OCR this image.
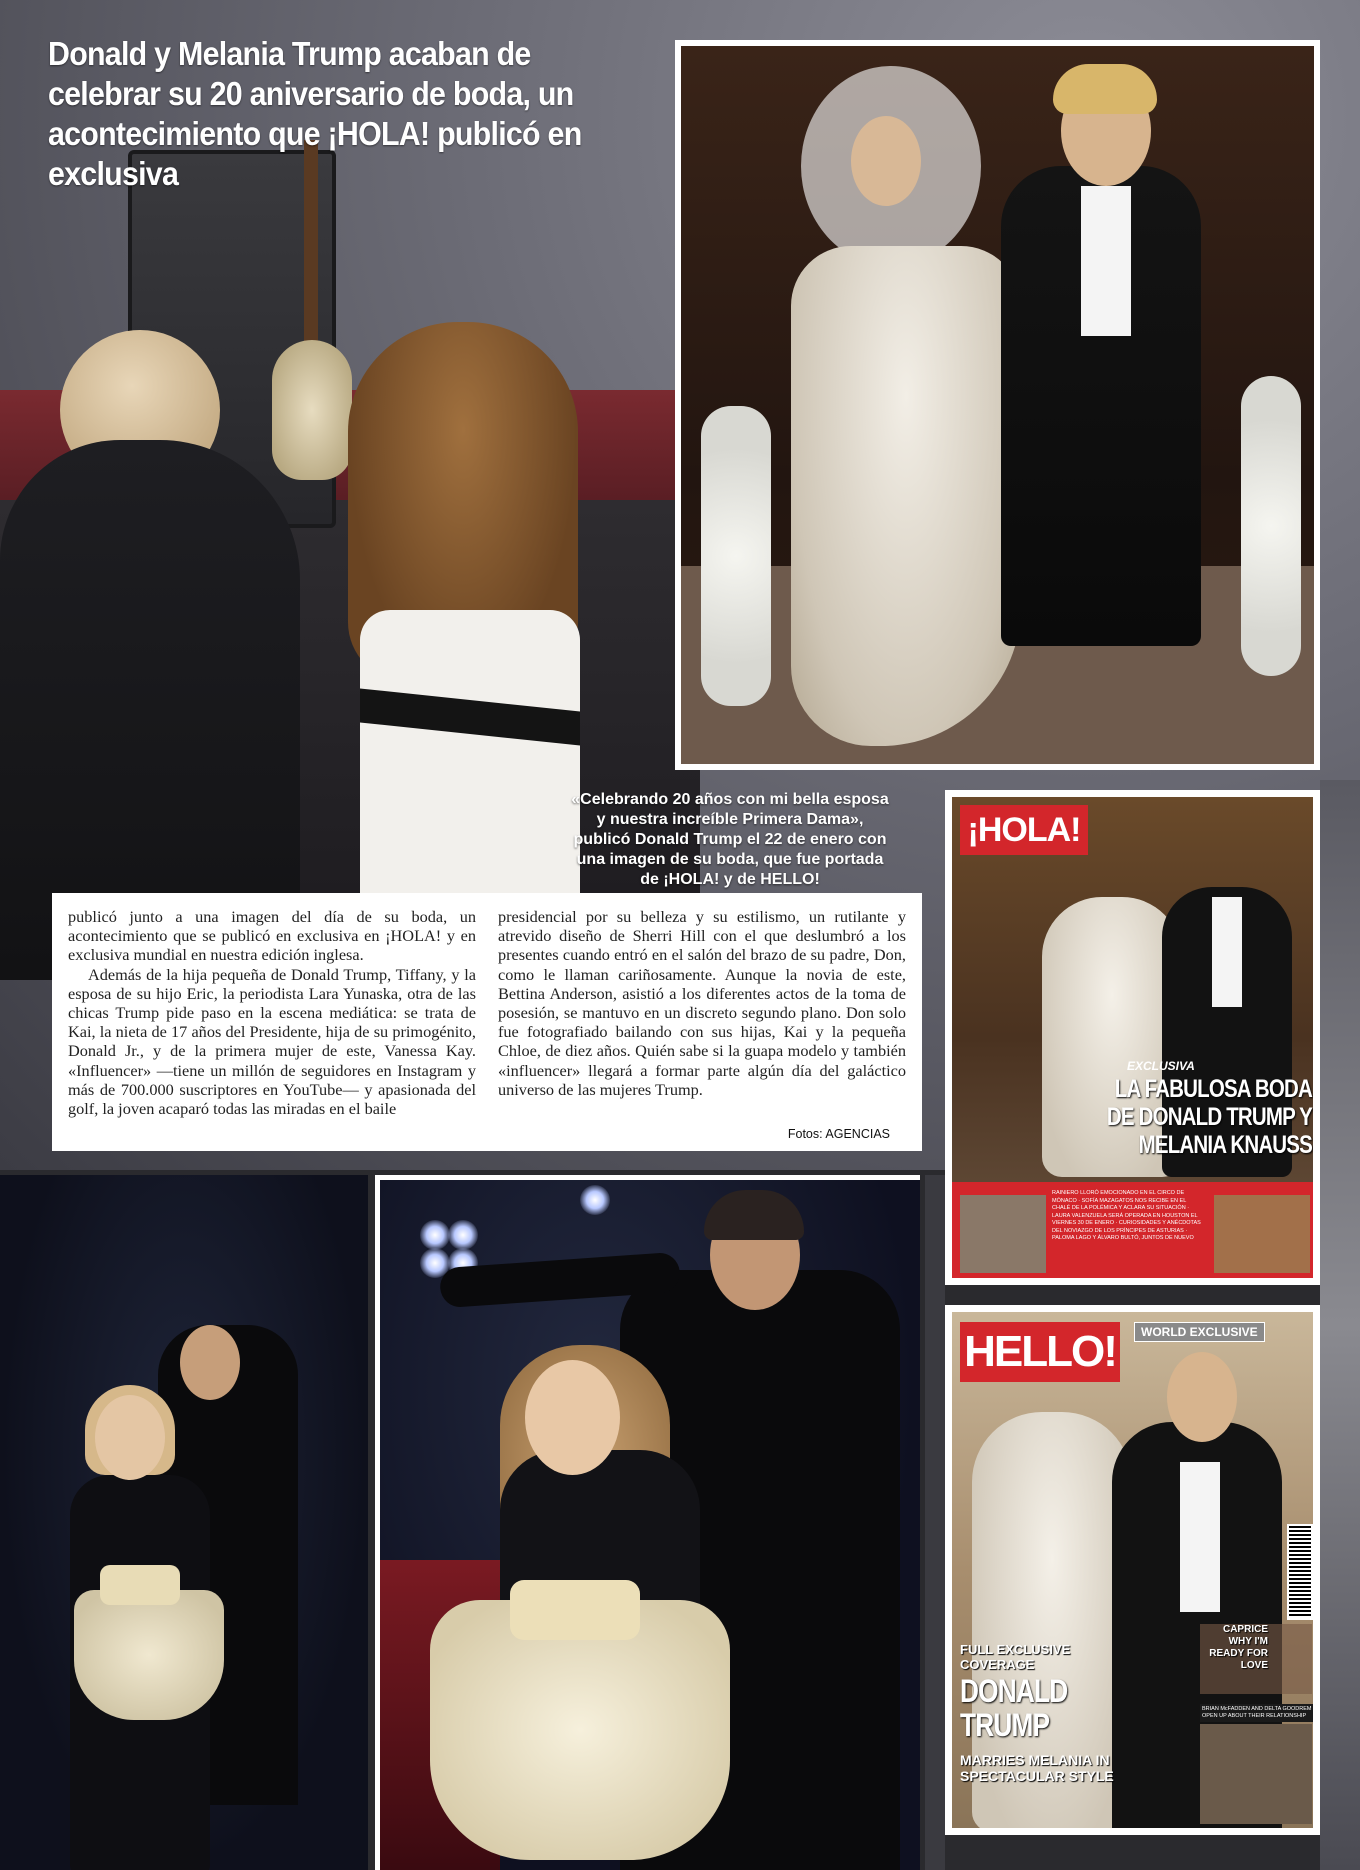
Donald y Melania Trump acaban de celebrar su 20 aniversario de boda, un acontecimiento que ¡HOLA! publicó en exclusiva
«Celebrando 20 años con mi bella esposa y nuestra increíble Primera Dama», publicó Donald Trump el 22 de enero con una imagen de su boda, que fue portada de ¡HOLA! y de HELLO!
¡HOLA!
EXCLUSIVA
LA FABULOSA BODA DE DONALD TRUMP Y MELANIA KNAUSS
RAINIERO LLORÓ EMOCIONADO EN EL CIRCO DE MÓNACO · SOFÍA MAZAGATOS NOS RECIBE EN EL CHALÉ DE LA POLÉMICA Y ACLARA SU SITUACIÓN · LAURA VALENZUELA SERÁ OPERADA EN HOUSTON EL VIERNES 30 DE ENERO · CURIOSIDADES Y ANÉCDOTAS DEL NOVIAZGO DE LOS PRÍNCIPES DE ASTURIAS · PALOMA LAGO Y ÁLVARO BULTÓ, JUNTOS DE NUEVO
HELLO!	WORLD EXCLUSIVE
CAPRICE WHY I'M READY FOR LOVE
BRIAN McFADDEN AND DELTA GOODREM OPEN UP ABOUT THEIR RELATIONSHIP
FULL EXCLUSIVE COVERAGE
DONALD TRUMP
MARRIES MELANIA IN SPECTACULAR STYLE

publicó junto a una imagen del día de su boda, un acontecimiento que se publicó en exclusiva en ¡HOLA! y en exclusiva mundial en nuestra edición inglesa.

Además de la hija pequeña de Donald Trump, Tiffany, y la esposa de su hijo Eric, la periodista Lara Yunaska, otra de las chicas Trump pide paso en la escena mediática: se trata de Kai, la nieta de 17 años del Presidente, hija de su primogénito, Donald Jr., y de la primera mujer de este, Vanessa Kay. «Influencer» —tiene un millón de seguidores en Instagram y más de 700.000 suscriptores en YouTube— y apasionada del golf, la joven acaparó todas las miradas en el baile

presidencial por su belleza y su estilismo, un rutilante y atrevido diseño de Sherri Hill con el que deslumbró a los presentes cuando entró en el salón del brazo de su padre, Don, como le llaman cariñosamente. Aunque la novia de este, Bettina Anderson, asistió a los diferentes actos de la toma de posesión, se mantuvo en un discreto segundo plano. Don solo fue fotografiado bailando con sus hijas, Kai y la pequeña Chloe, de diez años. Quién sabe si la guapa modelo y también «influencer» llegará a formar parte algún día del galáctico universo de las mujeres Trump.

Fotos: AGENCIAS
